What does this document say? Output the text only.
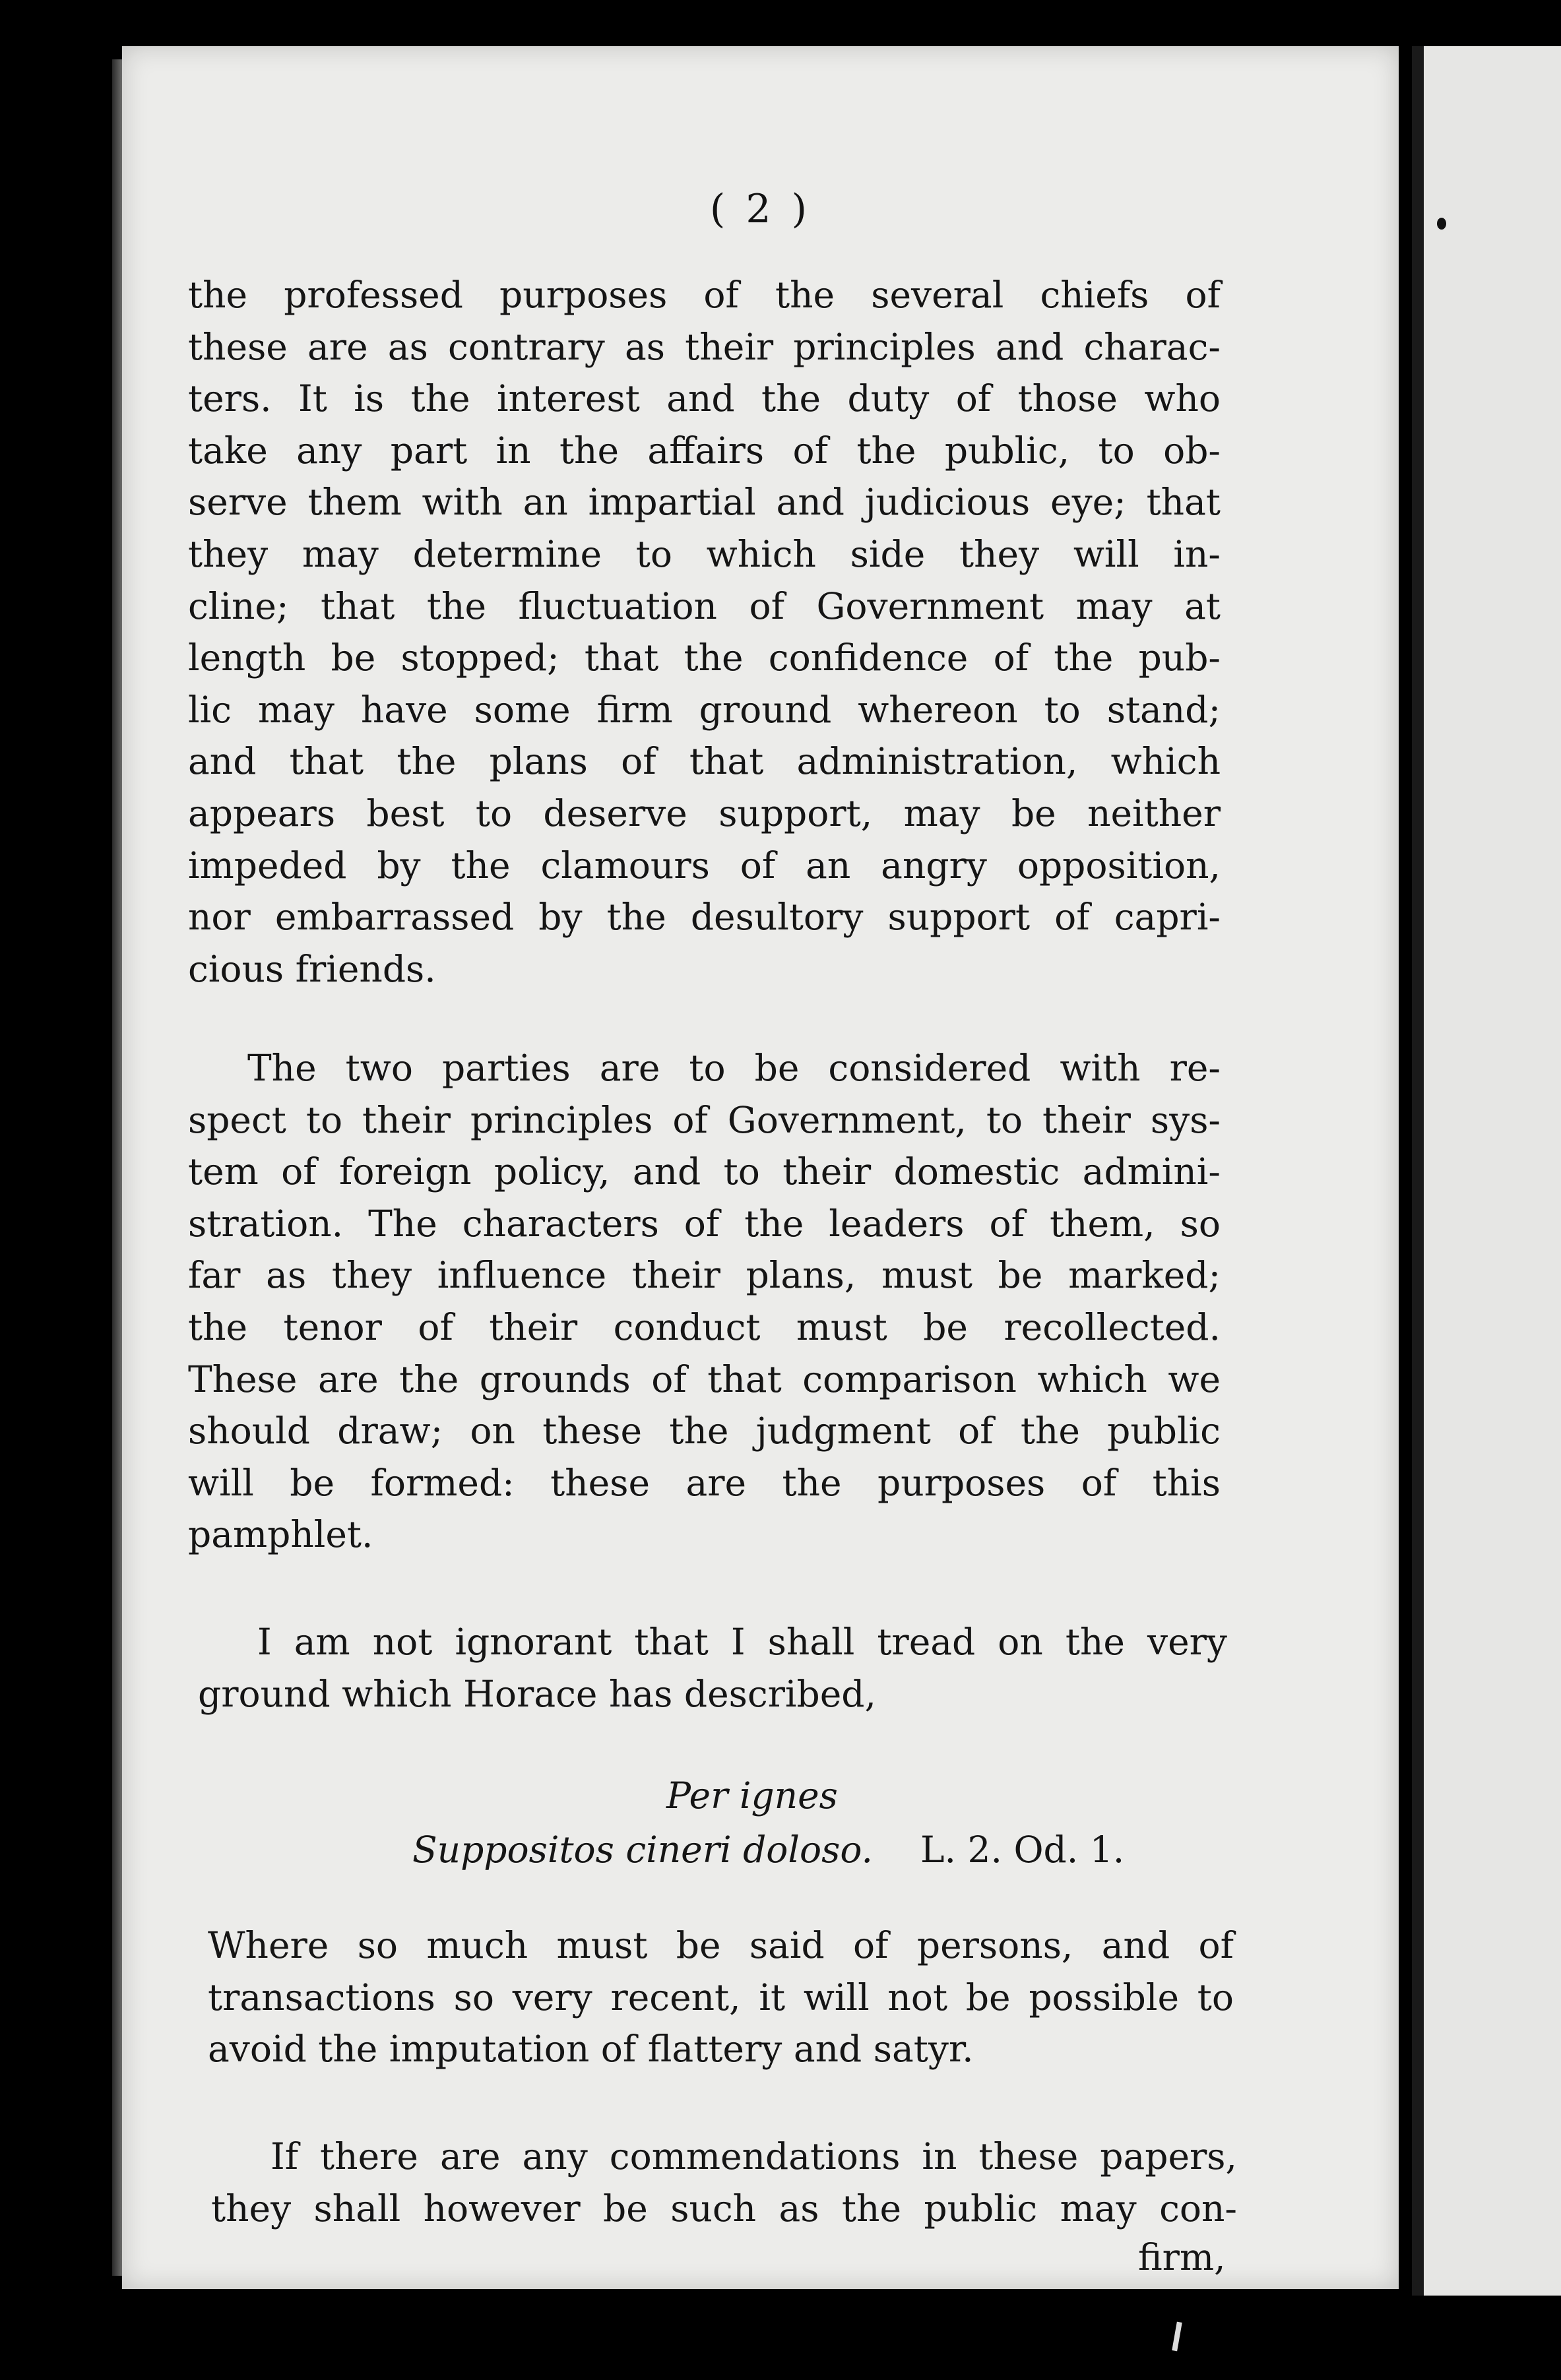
( 2 )

the professed purposes of the several chiefs of
these are as contrary as their principles and charac-
ters. It is the interest and the duty of those who
take any part in the affairs of the public, to ob-
serve them with an impartial and judicious eye; that
they may determine to which side they will in-
cline; that the fluctuation of Government may at
length be stopped; that the confidence of the pub-
lic may have some firm ground whereon to stand;
and that the plans of that administration, which
appears best to deserve support, may be neither
impeded by the clamours of an angry opposition,
nor embarrassed by the desultory support of capri-
cious friends.

The two parties are to be considered with re-
spect to their principles of Government, to their sys-
tem of foreign policy, and to their domestic admini-
stration. The characters of the leaders of them, so
far as they influence their plans, must be marked;
the tenor of their conduct must be recollected.
These are the grounds of that comparison which we
should draw; on these the judgment of the public
will be formed: these are the purposes of this
pamphlet.

I am not ignorant that I shall tread on the very
ground which Horace has described,

Per ignes
Suppositos cineri doloso. L. 2. Od. 1.

Where so much must be said of persons, and of
transactions so very recent, it will not be possible to
avoid the imputation of flattery and satyr.

If there are any commendations in these papers,
they shall however be such as the public may con-

firm,
